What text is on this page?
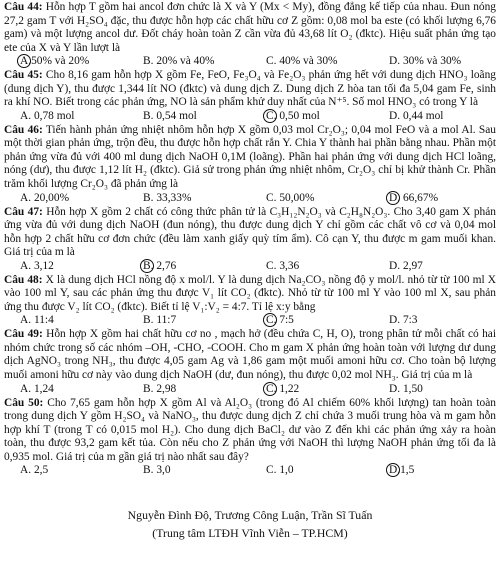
Câu 44: Hỗn hợp T gồm hai ancol đơn chức là X và Y (Mx < My), đồng đẳng kế tiếp của nhau. Đun nóng 27,2 gam T với H₂SO₄ đặc, thu được hỗn hợp các chất hữu cơ Z gồm: 0,08 mol ba este (có khối lượng 6,76 gam) và một lượng ancol dư. Đốt cháy hoàn toàn Z cần vừa đủ 43,68 lít O₂ (đktc). Hiệu suất phản ứng tạo ete của X và Y lần lượt là

A.50% và 20%	B. 20% và 40%	C. 40% và 30%	D. 30% và 30%

Câu 45: Cho 8,16 gam hỗn hợp X gồm Fe, FeO, Fe₃O₄ và Fe₂O₃ phản ứng hết với dung dịch HNO₃ loãng (dung dịch Y), thu được 1,344 lít NO (đktc) và dung dịch Z. Dung dịch Z hòa tan tối đa 5,04 gam Fe, sinh ra khí NO. Biết trong các phản ứng, NO là sản phẩm khử duy nhất của N⁺⁵. Số mol HNO₃ có trong Y là

A. 0,78 mol	B. 0,54 mol	C. 0,50 mol	D. 0,44 mol

Câu 46: Tiến hành phản ứng nhiệt nhôm hỗn hợp X gồm 0,03 mol Cr₂O₃; 0,04 mol FeO và a mol Al. Sau một thời gian phản ứng, trộn đều, thu được hỗn hợp chất rắn Y. Chia Y thành hai phần bằng nhau. Phần một phản ứng vừa đủ với 400 ml dung dịch NaOH 0,1M (loãng). Phần hai phản ứng với dung dịch HCl loãng, nóng (dư), thu được 1,12 lít H₂ (đktc). Giả sử trong phản ứng nhiệt nhôm, Cr₂O₃ chỉ bị khử thành Cr. Phần trăm khối lượng Cr₂O₃ đã phản ứng là

A. 20,00%	B. 33,33%	C. 50,00%	D. 66,67%

Câu 47: Hỗn hợp X gồm 2 chất có công thức phân tử là C₃H₁₂N₂O₃ và C₂H₈N₂O₃. Cho 3,40 gam X phản ứng vừa đủ với dung dịch NaOH (đun nóng), thu được dung dịch Y chỉ gồm các chất vô cơ và 0,04 mol hỗn hợp 2 chất hữu cơ đơn chức (đều làm xanh giấy quỳ tím ẩm). Cô cạn Y, thu được m gam muối khan. Giá trị của m là

A. 3,12	B. 2,76	C. 3,36	D. 2,97

Câu 48: X là dung dịch HCl nồng độ x mol/l. Y là dung dịch Na₂CO₃ nồng độ y mol/l. nhỏ từ từ 100 ml X vào 100 ml Y, sau các phản ứng thu được V₁ lít CO₂ (đktc). Nhỏ từ từ 100 ml Y vào 100 ml X, sau phản ứng thu được V₂ lít CO₂ (đktc). Biết tỉ lệ V₁:V₂ = 4:7. Tỉ lệ x:y bằng

A. 11:4	B. 11:7	C. 7:5	D. 7:3

Câu 49: Hỗn hợp X gồm hai chất hữu cơ no , mạch hở (đều chứa C, H, O), trong phân tử mỗi chất có hai nhóm chức trong số các nhóm –OH, -CHO, -COOH. Cho m gam X phản ứng hoàn toàn với lượng dư dung dịch AgNO₃ trong NH₃, thu được 4,05 gam Ag và 1,86 gam một muối amoni hữu cơ. Cho toàn bộ lượng muối amoni hữu cơ này vào dung dịch NaOH (dư, đun nóng), thu được 0,02 mol NH₃. Giá trị của m là

A. 1,24	B. 2,98	C. 1,22	D. 1,50

Câu 50: Cho 7,65 gam hỗn hợp X gồm Al và Al₂O₃ (trong đó Al chiếm 60% khối lượng) tan hoàn toàn trong dung dịch Y gồm H₂SO₄ và NaNO₃, thu được dung dịch Z chỉ chứa 3 muối trung hòa và m gam hỗn hợp khí T (trong T có 0,015 mol H₂). Cho dung dịch BaCl₂ dư vào Z đến khi các phản ứng xảy ra hoàn toàn, thu được 93,2 gam kết tủa. Còn nếu cho Z phản ứng với NaOH thì lượng NaOH phản ứng tối đa là 0,935 mol. Giá trị của m gần giá trị nào nhất sau đây?

A. 2,5	B. 3,0	C. 1,0	D.1,5
Nguyễn Đình Độ, Trương Công Luận, Trần Sĩ Tuấn
(Trung tâm LTĐH Vĩnh Viễn – TP.HCM)
